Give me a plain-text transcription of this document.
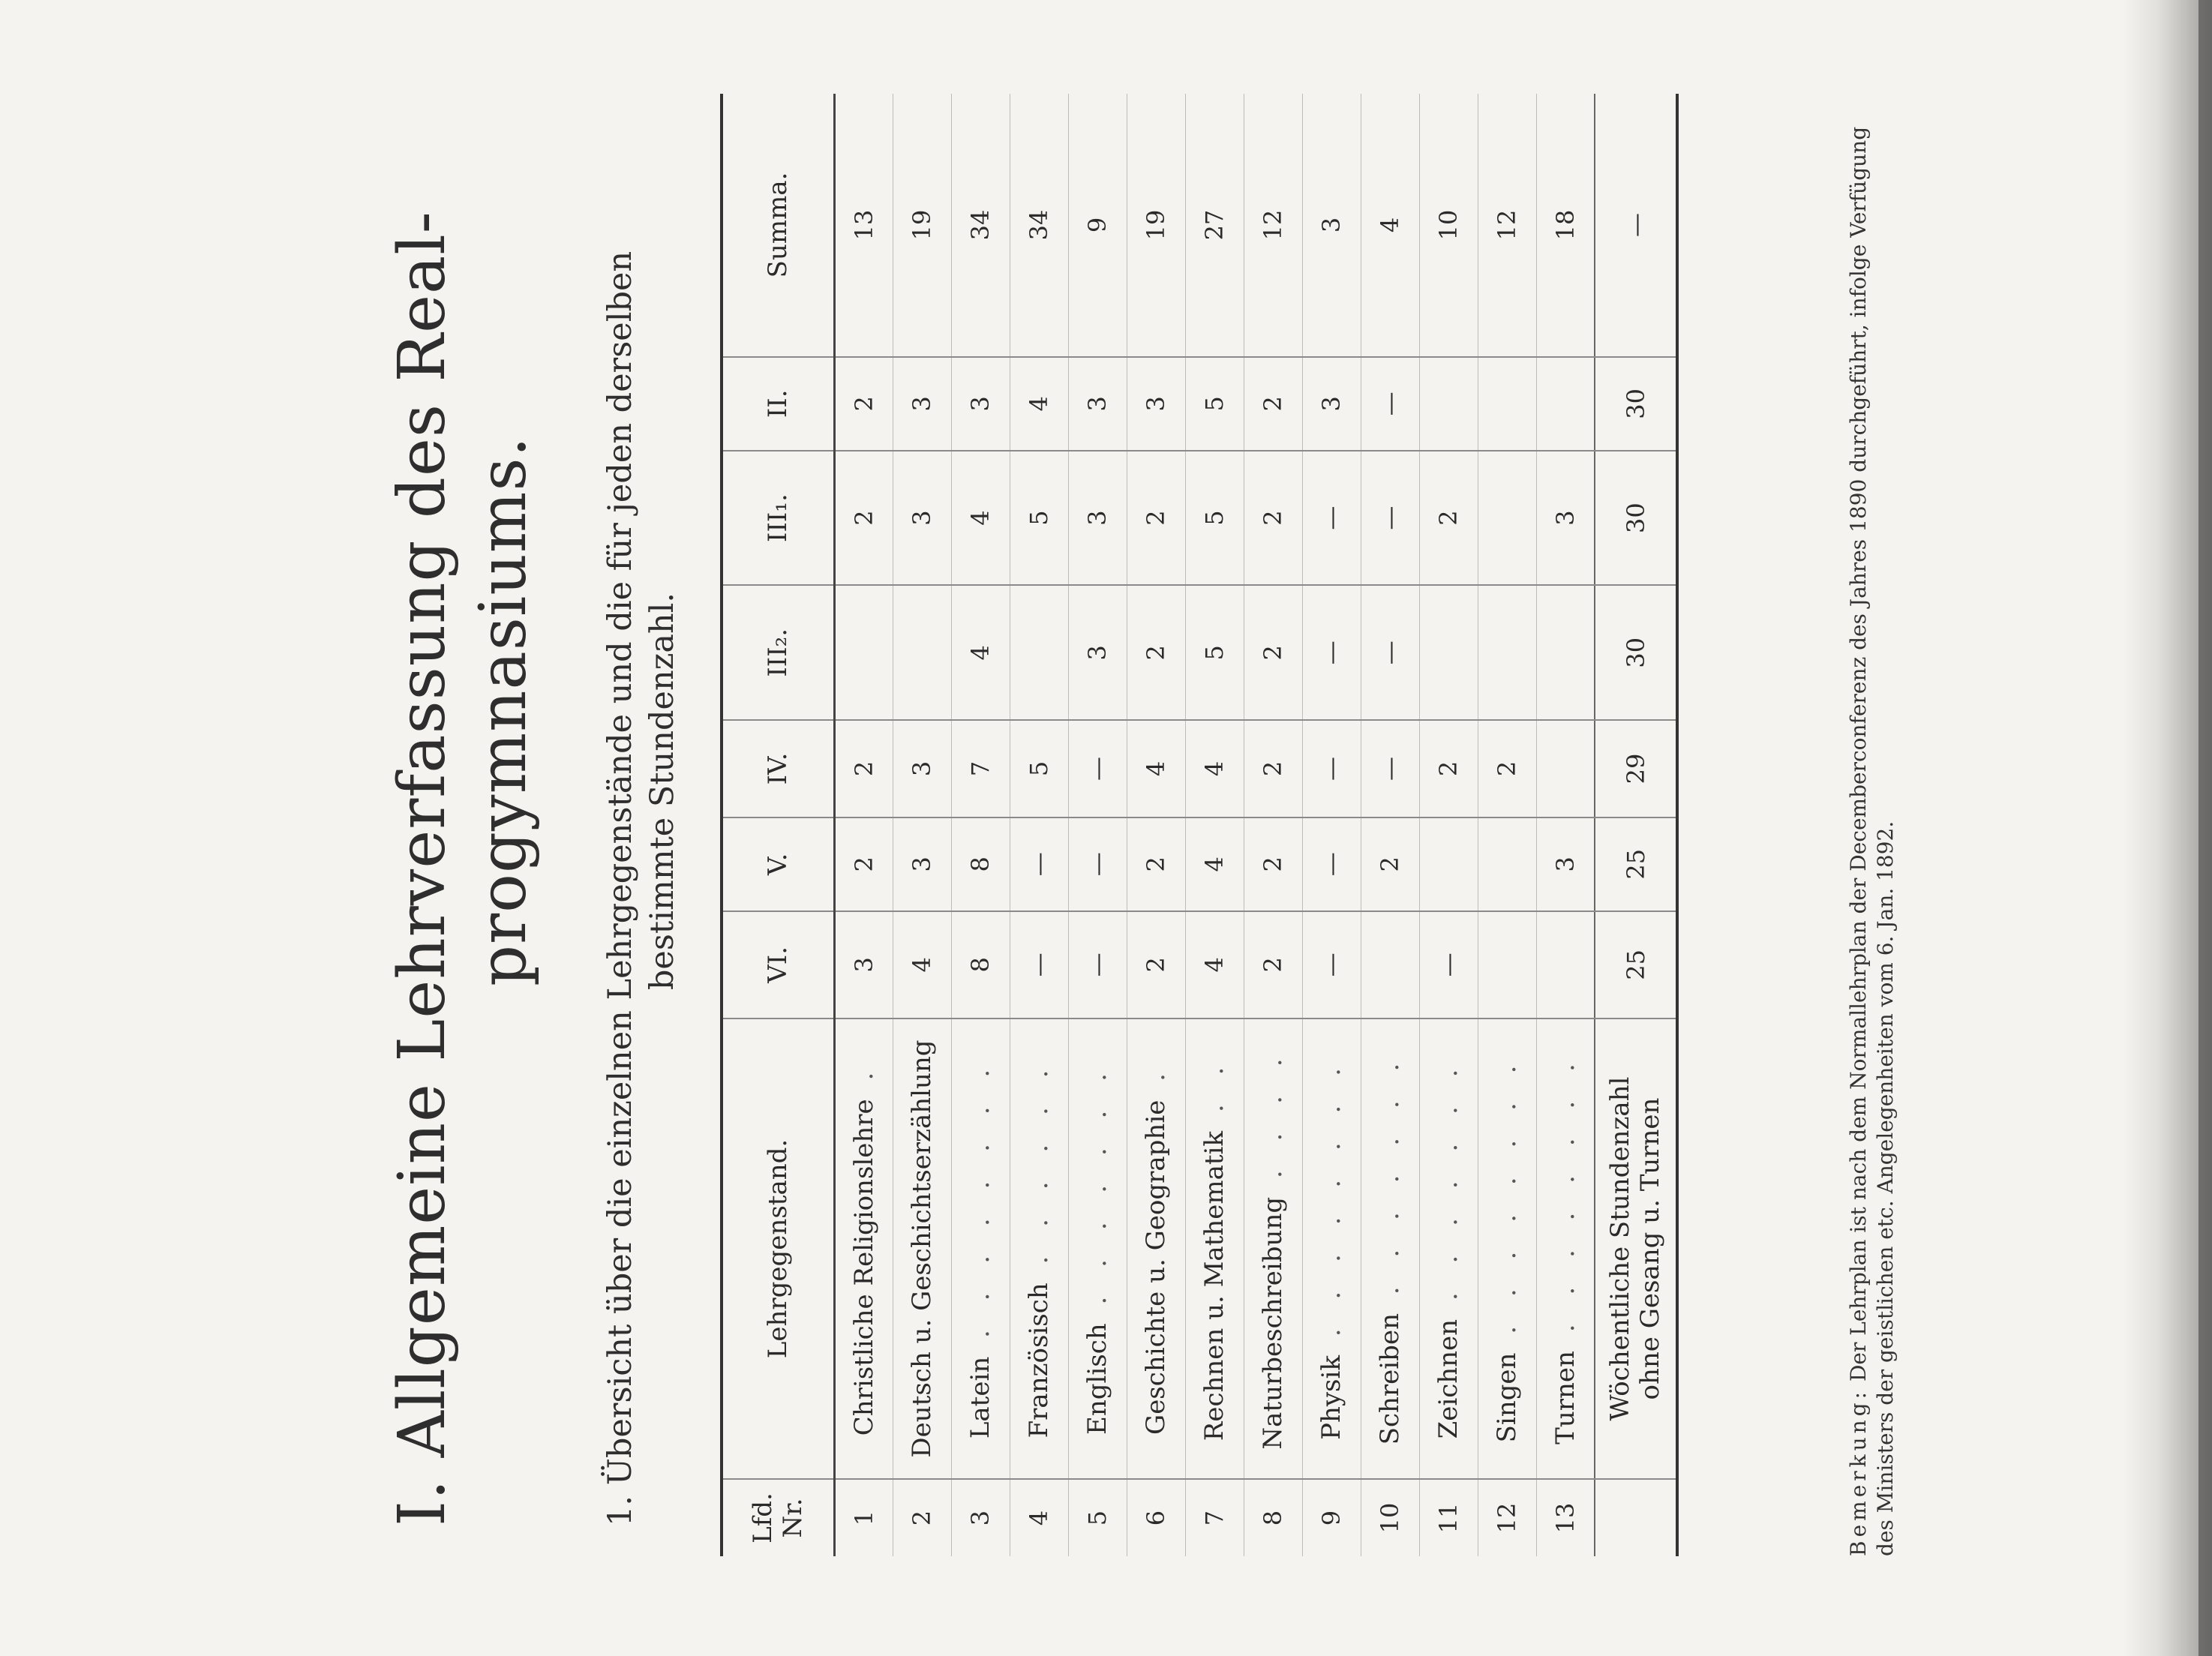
I. Allgemeine Lehrverfassung des Real- progymnasiums. 1. Übersicht über die einzelnen Lehrgegenstände und die für jeden derselben bestimmte Stundenzahl.
Lfd. Nr.	Lehrgegenstand.	VI.	V.	IV.	III₂.	III₁.	II.	Summa.
1	Christliche Religionslehre .	3	2	2		2	2	13
2	Deutsch u. Geschichtserzählung	4	3	3		3	3	19
3	Latein . . . . . . . .	8	8	7	4	4	3	34
4	Französisch . . . . . .	—	—	5		5	4	34
5	Englisch . . . . . . .	—	—	—	3	3	3	9
6	Geschichte u. Geographie .	2	2	4	2	2	3	19
7	Rechnen u. Mathematik . .	4	4	4	5	5	5	27
8	Naturbeschreibung . . . .	2	2	2	2	2	2	12
9	Physik . . . . . . . .	—	—	—	—	—	3	3
10	Schreiben . . . . . . .		2	—	—	—	—	4
11	Zeichnen . . . . . . .	—		2		2		10
12	Singen . . . . . . . .			2				12
13	Turnen . . . . . . . .		3			3		18

	Wöchentliche Stundenzahl ohne Gesang u. Turnen	25	25	29	30	30	30	—
Bemerkung: Der Lehrplan ist nach dem Normallehrplan der Decemberconferenz des Jahres 1890 durchgeführt, infolge Verfügung des Ministers der geistlichen etc. Angelegenheiten vom 6. Jan. 1892.
